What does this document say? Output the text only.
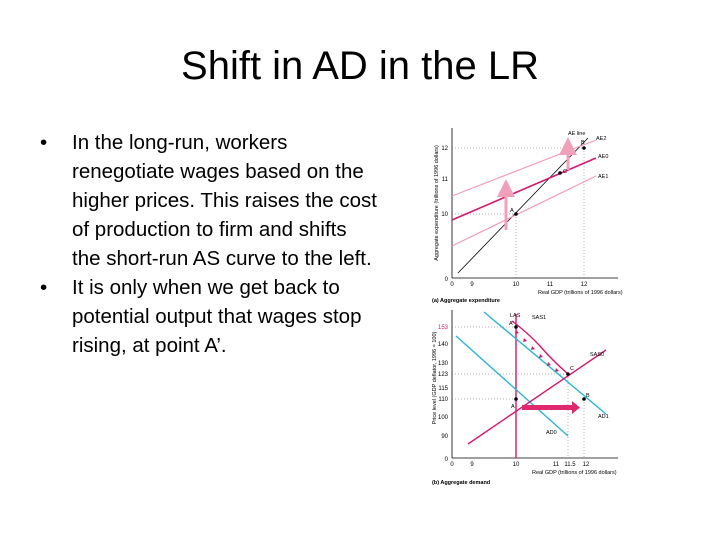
Shift in AD in the LR
• In the long-run, workers renegotiate wages based on the higher prices. This raises the cost of production to firm and shifts the short-run AS curve to the left.
• It is only when we get back to potential output that wages stop rising, at point A’.
Aggregate expenditure (trillions of 1996 dollars) 12
11
10
0
B
C
A
AE line
AE2
AE0
AE1
0	9	10	11	12
Real GDP (trillions of 1996 dollars)
(a) Aggregate expenditure
Price level (GDP deflator, 1996 = 100)
153
140
130
123
115
110
100
90
0
A'
C
A
B
LAS SAS1
SAS0
AD0
AD1
0	9	10	11 11.5 12
Real GDP (trillions of 1996 dollars)
(b) Aggregate demand
